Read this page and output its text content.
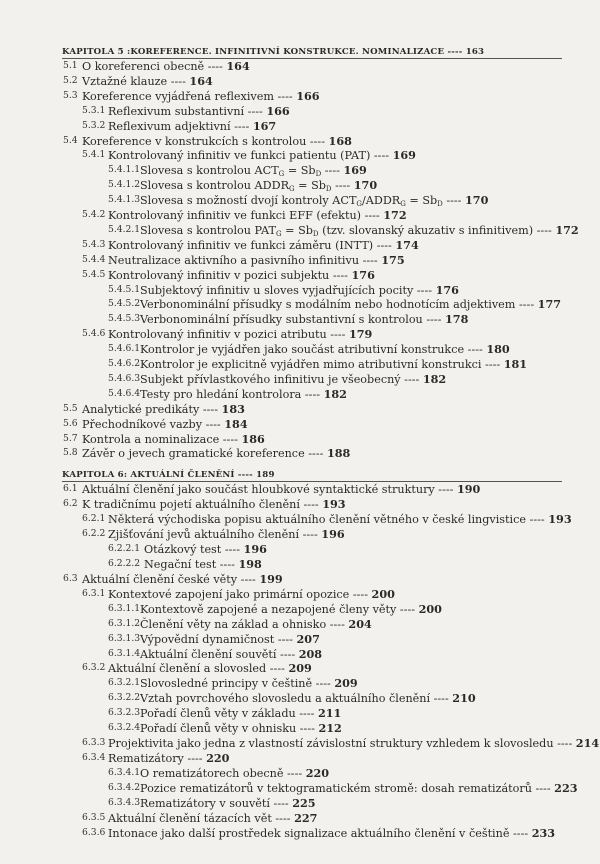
KAPITOLA 5 :KOREFERENCE. INFINITIVNÍ KONSTRUKCE. NOMINALIZACE ---- 163
5.1 O koreferenci obecně ---- 164
5.2 Vztažné klauze ---- 164
5.3 Koreference vyjádřená reflexivem ---- 166
5.3.1 Reflexivum substantivní ---- 166
5.3.2 Reflexivum adjektivní ---- 167
5.4 Koreference v konstrukcích s kontrolou ---- 168
5.4.1 Kontrolovaný infinitiv ve funkci patientu (PAT) ---- 169
5.4.1.1 Slovesa s kontrolou $ACT_G = Sb_D$ ---- 169
5.4.1.2 Slovesa s kontrolou $ADDR_G = Sb_D$ ---- 170
5.4.1.3 Slovesa s možností dvojí kontroly $ACT_G/ADDR_G = Sb_D$ ---- 170
5.4.2 Kontrolovaný infinitiv ve funkci EFF (efektu) ---- 172
5.4.2.1 Slovesa s kontrolou $PAT_G = Sb_D$ (tzv. slovanský akuzativ s infinitivem) ---- 172
5.4.3 Kontrolovaný infinitiv ve funkci záměru (INTT) ---- 174
5.4.4 Neutralizace aktivního a pasivního infinitivu ---- 175
5.4.5 Kontrolovaný infinitiv v pozici subjektu ---- 176
5.4.5.1 Subjektový infinitiv u sloves vyjadřujících pocity ---- 176
5.4.5.2 Verbonominální přísudky s modálním nebo hodnotícím adjektivem ---- 177
5.4.5.3 Verbonominální přísudky substantivní s kontrolou ---- 178
5.4.6 Kontrolovaný infinitiv v pozici atributu ---- 179
5.4.6.1 Kontrolor je vyjádřen jako součást atributivní konstrukce ---- 180
5.4.6.2 Kontrolor je explicitně vyjádřen mimo atributivní konstrukci ---- 181
5.4.6.3 Subjekt přívlastkového infinitivu je všeobecný ---- 182
5.4.6.4 Testy pro hledání kontrolora ---- 182
5.5 Analytické predikáty ---- 183
5.6 Přechodníkové vazby ---- 184
5.7 Kontrola a nominalizace ---- 186
5.8 Závěr o jevech gramatické koreference ---- 188
KAPITOLA 6: AKTUÁLNÍ ČLENĚNÍ ---- 189
6.1 Aktuální členění jako součást hloubkové syntaktické struktury ---- 190
6.2 K tradičnímu pojetí aktuálního členění ---- 193
6.2.1 Některá východiska popisu aktuálního členění větného v české lingvistice ---- 193
6.2.2 Zjišťování jevů aktuálního členění ---- 196
6.2.2.1 Otázkový test ---- 196
6.2.2.2 Negační test ---- 198
6.3 Aktuální členění české věty ---- 199
6.3.1 Kontextové zapojení jako primární opozice ---- 200
6.3.1.1 Kontextově zapojené a nezapojené členy věty ---- 200
6.3.1.2 Členění věty na základ a ohnisko ---- 204
6.3.1.3 Výpovědní dynamičnost ---- 207
6.3.1.4 Aktuální členění souvětí ---- 208
6.3.2 Aktuální členění a slovosled ---- 209
6.3.2.1 Slovosledné principy v češtině ---- 209
6.3.2.2 Vztah povrchového slovosledu a aktuálního členění ---- 210
6.3.2.3 Pořadí členů věty v základu ---- 211
6.3.2.4 Pořadí členů věty v ohnisku ---- 212
6.3.3 Projektivita jako jedna z vlastností závislostní struktury vzhledem k slovosledu ---- 214
6.3.4 Rematizátory ---- 220
6.3.4.1 O rematizátorech obecně ---- 220
6.3.4.2 Pozice rematizátorů v tektogramatickém stromě: dosah rematizátorů ---- 223
6.3.4.3 Rematizátory v souvětí ---- 225
6.3.5 Aktuální členění tázacích vět ---- 227
6.3.6 Intonace jako další prostředek signalizace aktuálního členění v češtině ---- 233
